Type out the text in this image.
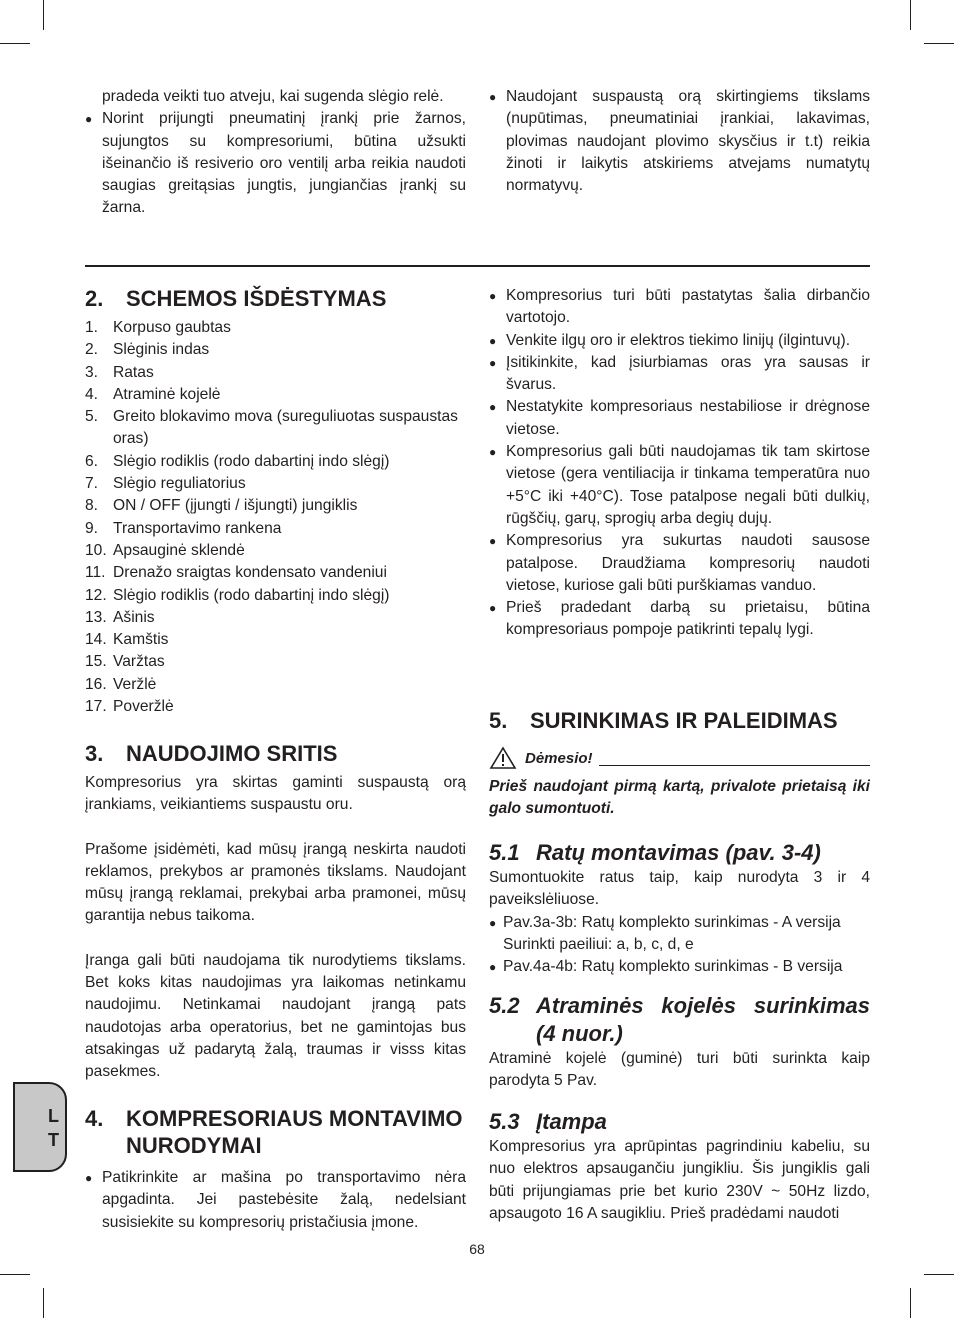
pradeda veikti tuo atveju, kai sugenda slėgio relė.
● Norint prijungti pneumatinį įrankį prie žarnos, sujungtos su kompresoriumi, būtina užsukti išeinančio iš resiverio oro ventilį arba reikia naudoti saugias greitąsias jungtis, jungiančias įrankį su žarna.
● Naudojant suspaustą orą skirtingiems tikslams (nupūtimas, pneumatiniai įrankiai, lakavimas, plovimas naudojant plovimo skysčius ir t.t) reikia žinoti ir laikytis atskiriems atvejams numatytų normatyvų.
2. SCHEMOS IŠDĖSTYMAS
1. Korpuso gaubtas
2. Slėginis indas
3. Ratas
4. Atraminė kojelė
5. Greito blokavimo mova (sureguliuotas suspaustas oras)
6. Slėgio rodiklis (rodo dabartinį indo slėgį)
7. Slėgio reguliatorius
8. ON / OFF (įjungti / išjungti) jungiklis
9. Transportavimo rankena
10. Apsauginė sklendė
11. Drenažo sraigtas kondensato vandeniui
12. Slėgio rodiklis (rodo dabartinį indo slėgį)
13. Ašinis
14. Kamštis
15. Varžtas
16. Veržlė
17. Poveržlė
3. NAUDOJIMO SRITIS
Kompresorius yra skirtas gaminti suspaustą orą įrankiams, veikiantiems suspaustu oru.
Prašome įsidėmėti, kad mūsų įrangą neskirta naudoti reklamos, prekybos ar pramonės tikslams. Naudojant mūsų įrangą reklamai, prekybai arba pramonei, mūsų garantija nebus taikoma.
Įranga gali būti naudojama tik nurodytiems tikslams. Bet koks kitas naudojimas yra laikomas netinkamu naudojimu. Netinkamai naudojant įrangą pats naudotojas arba operatorius, bet ne gamintojas bus atsakingas už padarytą žalą, traumas ir visss kitas pasekmes.
4. KOMPRESORIAUS MONTAVIMO NURODYMAI
● Patikrinkite ar mašina po transportavimo nėra apgadinta. Jei pastebėsite žalą, nedelsiant susisiekite su kompresorių pristačiusia įmone.
● Kompresorius turi būti pastatytas šalia dirbančio vartotojo.
● Venkite ilgų oro ir elektros tiekimo linijų (ilgintuvų).
● Įsitikinkite, kad įsiurbiamas oras yra sausas ir švarus.
● Nestatykite kompresoriaus nestabiliose ir drėgnose vietose.
● Kompresorius gali būti naudojamas tik tam skirtose vietose (gera ventiliacija ir tinkama temperatūra nuo +5°C iki +40°C). Tose patalpose negali būti dulkių, rūgščių, garų, sprogių arba degių dujų.
● Kompresorius yra sukurtas naudoti sausose patalpose. Draudžiama kompresorių naudoti vietose, kuriose gali būti purškiamas vanduo.
● Prieš pradedant darbą su prietaisu, būtina kompresoriaus pompoje patikrinti tepalų lygi.
5. SURINKIMAS IR PALEIDIMAS
Dėmesio!
Prieš naudojant pirmą kartą, privalote prietaisą iki galo sumontuoti.
5.1 Ratų montavimas (pav. 3-4)
Sumontuokite ratus taip, kaip nurodyta 3 ir 4 paveikslėliuose.
● Pav.3a-3b: Ratų komplekto surinkimas - A versija
Surinkti paeiliui: a, b, c, d, e
● Pav.4a-4b: Ratų komplekto surinkimas - B versija
5.2 Atraminės kojelės surinkimas (4 nuor.)
Atraminė kojelė (guminė) turi būti surinkta kaip parodyta 5 Pav.
5.3 Įtampa
Kompresorius yra aprūpintas pagrindiniu kabeliu, su nuo elektros apsaugančiu jungikliu. Šis jungiklis gali būti prijungiamas prie bet kurio 230V ~ 50Hz lizdo, apsaugoto 16 A saugikliu. Prieš pradėdami naudoti
L
T
68
